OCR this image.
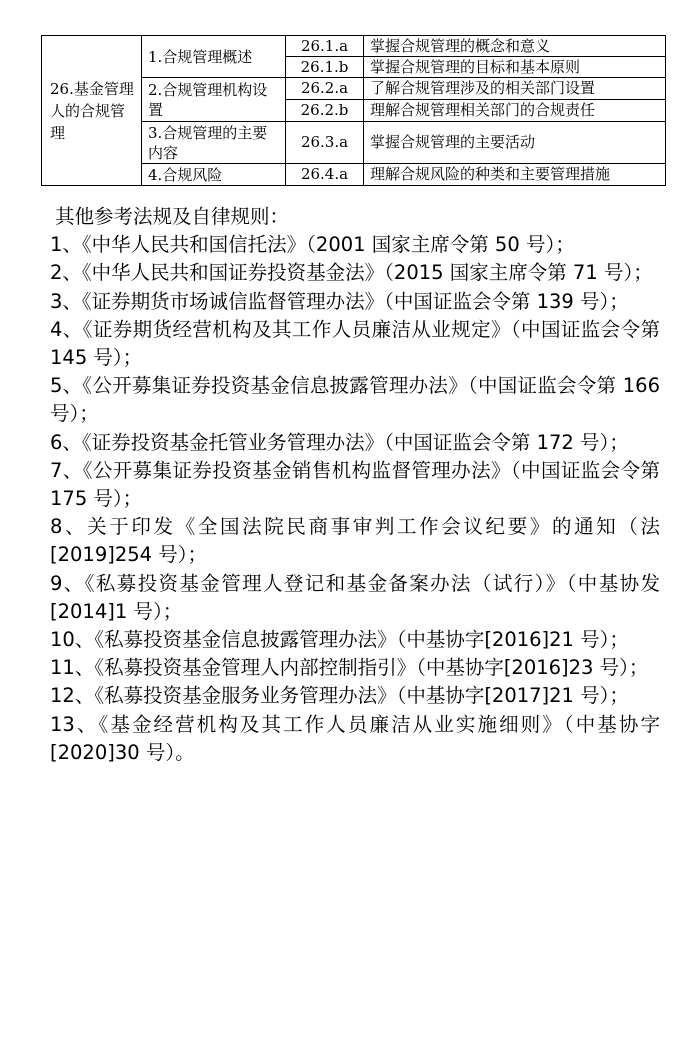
26.基金管理人的合规管理	1.合规管理概述	26.1.a	掌握合规管理的概念和意义
		26.1.b	掌握合规管理的目标和基本原则
	2.合规管理机构设置	26.2.a	了解合规管理涉及的相关部门设置
		26.2.b	理解合规管理相关部门的合规责任
	3.合规管理的主要内容	26.3.a	掌握合规管理的主要活动
	4.合规风险	26.4.a	理解合规风险的种类和主要管理措施

其他参考法规及自律规则：

1、《中华人民共和国信托法》（2001 国家主席令第 50 号）；

2、《中华人民共和国证券投资基金法》（2015 国家主席令第 71 号）；

3、《证券期货市场诚信监督管理办法》（中国证监会令第 139 号）；

4、《证券期货经营机构及其工作人员廉洁从业规定》（中国证监会令第 145 号）；

5、《公开募集证券投资基金信息披露管理办法》（中国证监会令第 166 号）；

6、《证券投资基金托管业务管理办法》（中国证监会令第 172 号）；

7、《公开募集证券投资基金销售机构监督管理办法》（中国证监会令第 175 号）；

8、关于印发《全国法院民商事审判工作会议纪要》的通知（法[2019]254 号）；

9、《私募投资基金管理人登记和基金备案办法（试行）》（中基协发[2014]1 号）；

10、《私募投资基金信息披露管理办法》（中基协字[2016]21 号）；

11、《私募投资基金管理人内部控制指引》（中基协字[2016]23 号）；

12、《私募投资基金服务业务管理办法》（中基协字[2017]21 号）；

13、《基金经营机构及其工作人员廉洁从业实施细则》（中基协字[2020]30 号）。
